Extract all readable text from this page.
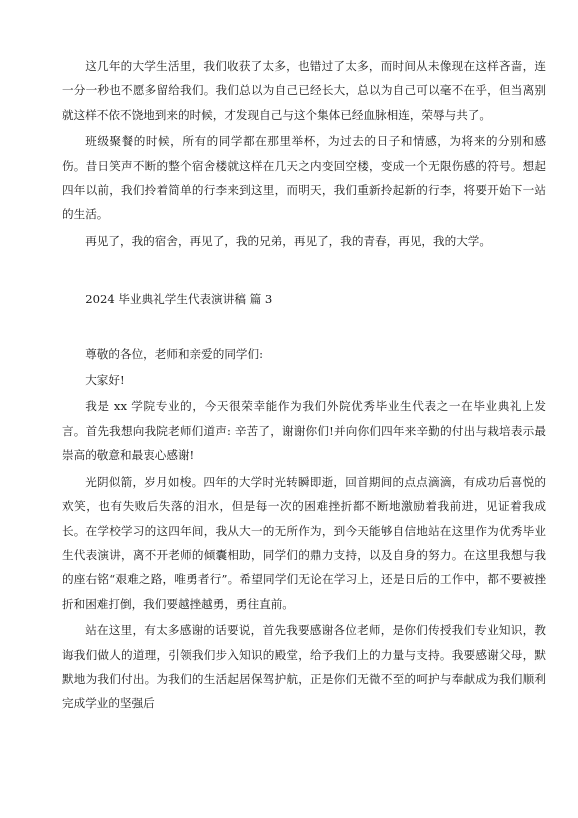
这几年的大学生活里，我们收获了太多，也错过了太多，而时间从未像现在这样吝啬，连一分一秒也不愿多留给我们。我们总以为自己已经长大，总以为自己可以毫不在乎，但当离别就这样不依不饶地到来的时候，才发现自己与这个集体已经血脉相连，荣辱与共了。

班级聚餐的时候，所有的同学都在那里举杯，为过去的日子和情感，为将来的分别和感伤。昔日笑声不断的整个宿舍楼就这样在几天之内变回空楼，变成一个无限伤感的符号。想起四年以前，我们拎着简单的行李来到这里，而明天，我们重新拎起新的行李，将要开始下一站的生活。

再见了，我的宿舍，再见了，我的兄弟，再见了，我的青春，再见，我的大学。

2024 毕业典礼学生代表演讲稿 篇 3

尊敬的各位，老师和亲爱的同学们:

大家好!

我是 xx 学院专业的，今天很荣幸能作为我们外院优秀毕业生代表之一在毕业典礼上发言。首先我想向我院老师们道声: 辛苦了，谢谢你们!并向你们四年来辛勤的付出与栽培表示最崇高的敬意和最衷心感谢!

光阴似箭，岁月如梭。四年的大学时光转瞬即逝，回首期间的点点滴滴，有成功后喜悦的欢笑，也有失败后失落的泪水，但是每一次的困难挫折都不断地激励着我前进，见证着我成长。在学校学习的这四年间，我从大一的无所作为，到今天能够自信地站在这里作为优秀毕业生代表演讲，离不开老师的倾囊相助，同学们的鼎力支持，以及自身的努力。在这里我想与我的座右铭“艰难之路，唯勇者行”。希望同学们无论在学习上，还是日后的工作中，都不要被挫折和困难打倒，我们要越挫越勇，勇往直前。

站在这里，有太多感谢的话要说，首先我要感谢各位老师，是你们传授我们专业知识，教诲我们做人的道理，引领我们步入知识的殿堂，给予我们上的力量与支持。我要感谢父母，默默地为我们付出。为我们的生活起居保驾护航，正是你们无微不至的呵护与奉献成为我们顺利完成学业的坚强后
